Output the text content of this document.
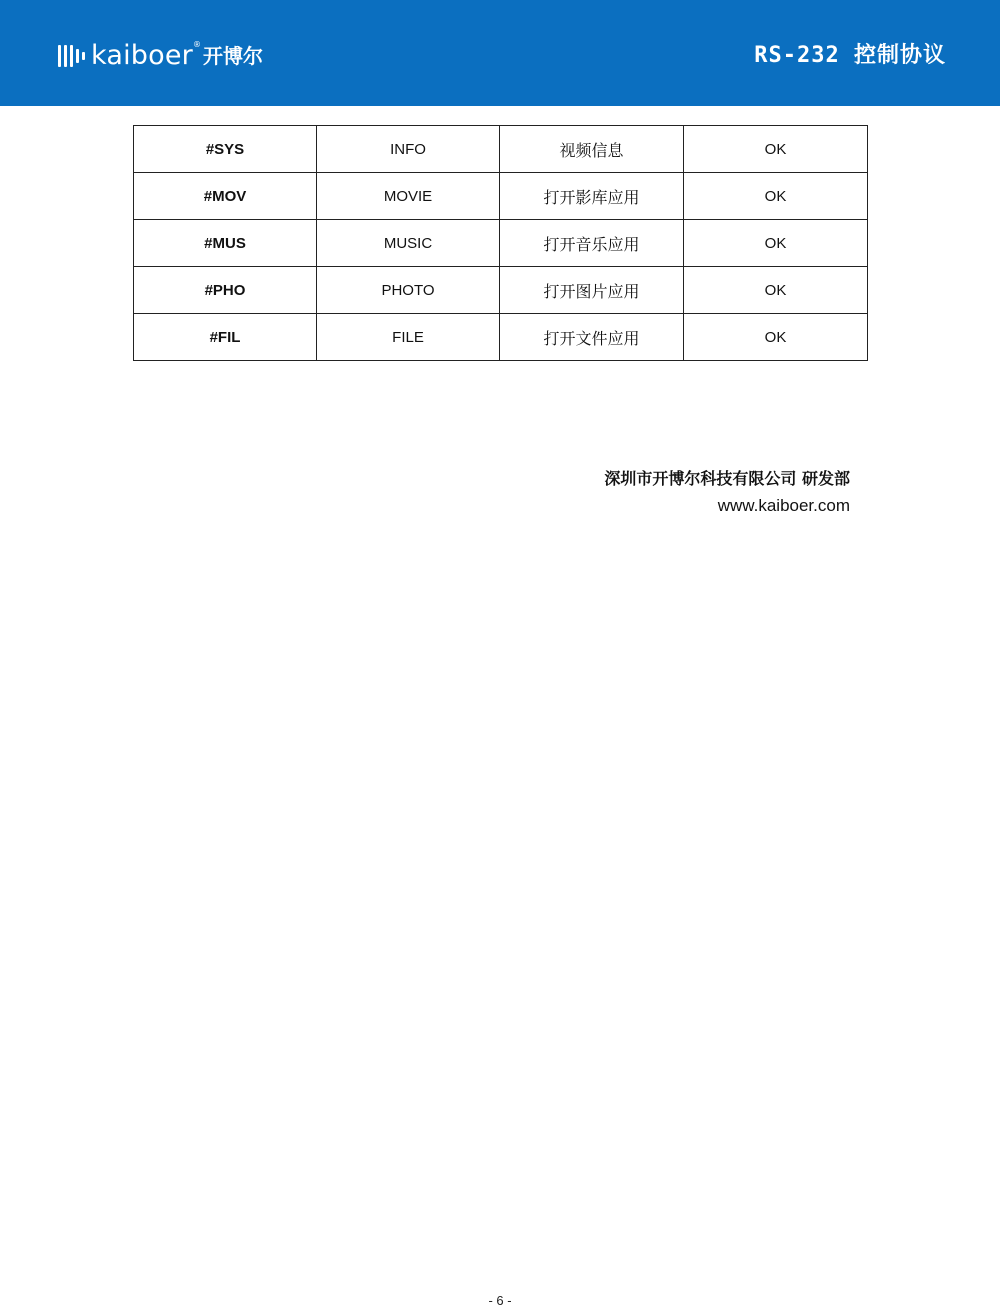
kaiboer ® 开博尔	RS-232 控制协议
#SYS	INFO	视频信息	OK
#MOV	MOVIE	打开影库应用	OK
#MUS	MUSIC	打开音乐应用	OK
#PHO	PHOTO	打开图片应用	OK
#FIL	FILE	打开文件应用	OK
深圳市开博尔科技有限公司 研发部
www.kaiboer.com
- 6 -
